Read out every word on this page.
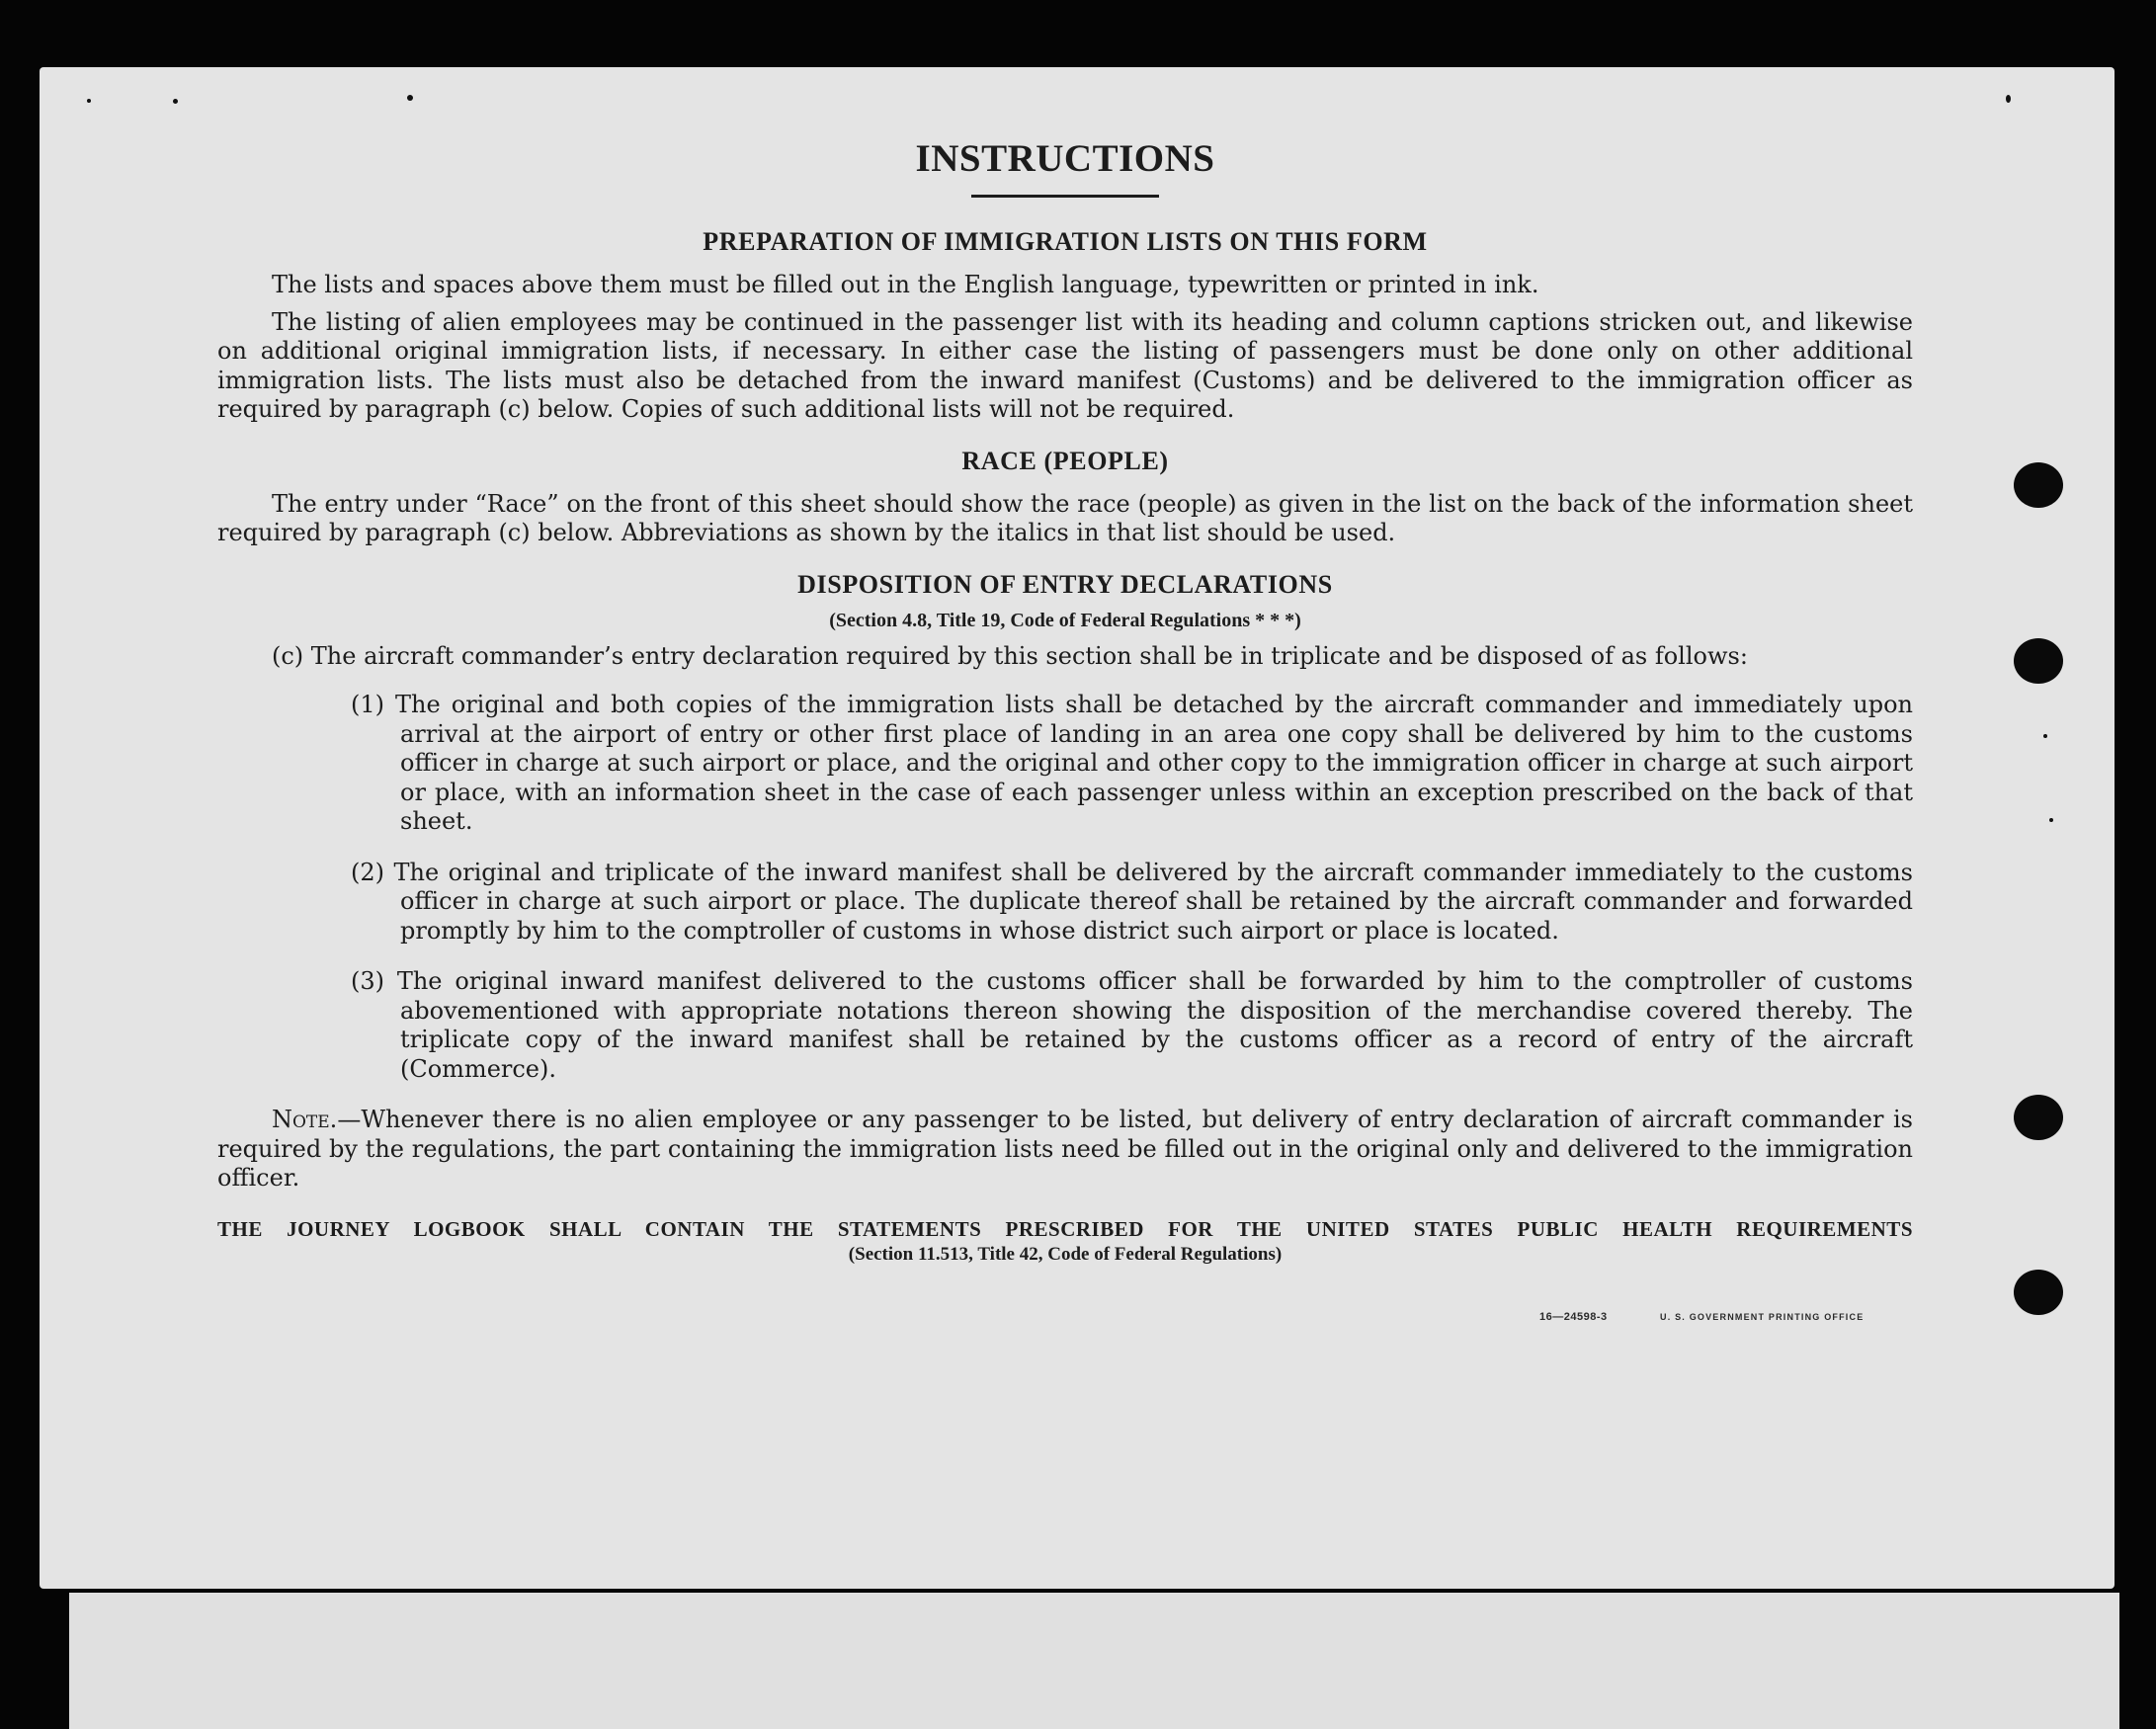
INSTRUCTIONS
PREPARATION OF IMMIGRATION LISTS ON THIS FORM

The lists and spaces above them must be filled out in the English language, typewritten or printed in ink.

The listing of alien employees may be continued in the passenger list with its heading and column captions stricken out, and likewise on additional original immigration lists, if necessary. In either case the listing of passengers must be done only on other additional immigration lists. The lists must also be detached from the inward manifest (Customs) and be delivered to the immigration officer as required by paragraph (c) below. Copies of such additional lists will not be required.

RACE (PEOPLE)

The entry under “Race” on the front of this sheet should show the race (people) as given in the list on the back of the information sheet required by paragraph (c) below. Abbreviations as shown by the italics in that list should be used.

DISPOSITION OF ENTRY DECLARATIONS
(Section 4.8, Title 19, Code of Federal Regulations * * *)

(c) The aircraft commander’s entry declaration required by this section shall be in triplicate and be disposed of as follows:

(1) The original and both copies of the immigration lists shall be detached by the aircraft commander and immediately upon arrival at the airport of entry or other first place of landing in an area one copy shall be delivered by him to the customs officer in charge at such airport or place, and the original and other copy to the immigration officer in charge at such airport or place, with an information sheet in the case of each passenger unless within an exception prescribed on the back of that sheet.

(2) The original and triplicate of the inward manifest shall be delivered by the aircraft commander immediately to the customs officer in charge at such airport or place. The duplicate thereof shall be retained by the aircraft commander and forwarded promptly by him to the comptroller of customs in whose district such airport or place is located.

(3) The original inward manifest delivered to the customs officer shall be forwarded by him to the comptroller of customs abovementioned with appropriate notations thereon showing the disposition of the merchandise covered thereby. The triplicate copy of the inward manifest shall be retained by the customs officer as a record of entry of the aircraft (Commerce).

Note.—Whenever there is no alien employee or any passenger to be listed, but delivery of entry declaration of aircraft commander is required by the regulations, the part containing the immigration lists need be filled out in the original only and delivered to the immigration officer.

THE JOURNEY LOGBOOK SHALL CONTAIN THE STATEMENTS PRESCRIBED FOR THE UNITED STATES PUBLIC HEALTH REQUIREMENTS
(Section 11.513, Title 42, Code of Federal Regulations)
16—24598-3	U. S. GOVERNMENT PRINTING OFFICE
